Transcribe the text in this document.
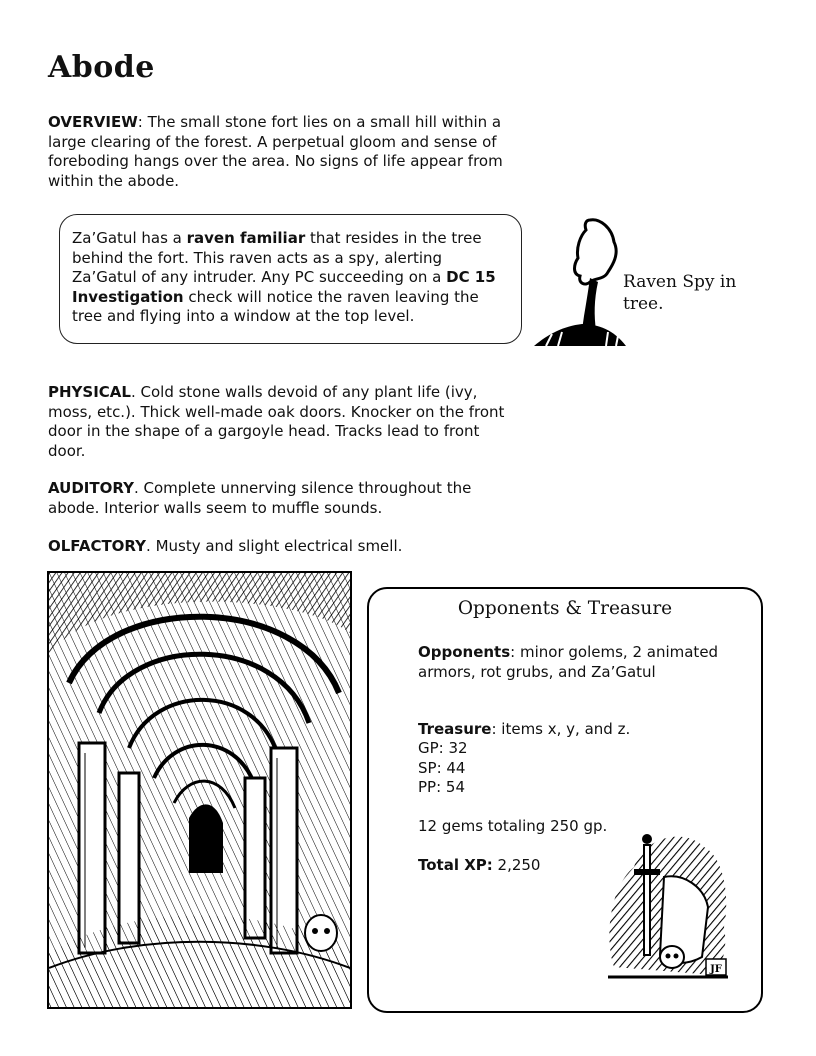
Abode

OVERVIEW: The small stone fort lies on a small hill within a large clearing of the forest. A perpetual gloom and sense of foreboding hangs over the area. No signs of life appear from within the abode.

Za’Gatul has a raven familiar that resides in the tree behind the fort. This raven acts as a spy, alerting Za’Gatul of any intruder. Any PC succeeding on a DC 15 Investigation check will notice the raven leaving the tree and flying into a window at the top level.

Raven Spy in tree.

PHYSICAL. Cold stone walls devoid of any plant life (ivy, moss, etc.). Thick well-made oak doors. Knocker on the front door in the shape of a gargoyle head. Tracks lead to front door.

AUDITORY. Complete unnerving silence throughout the abode. Interior walls seem to muffle sounds.

OLFACTORY. Musty and slight electrical smell.

Opponents & Treasure

Opponents: minor golems, 2 animated armors, rot grubs, and Za’Gatul

Treasure: items x, y, and z.

GP: 32

SP: 44

PP: 54

12 gems totaling 250 gp.

Total XP: 2,250

JF
